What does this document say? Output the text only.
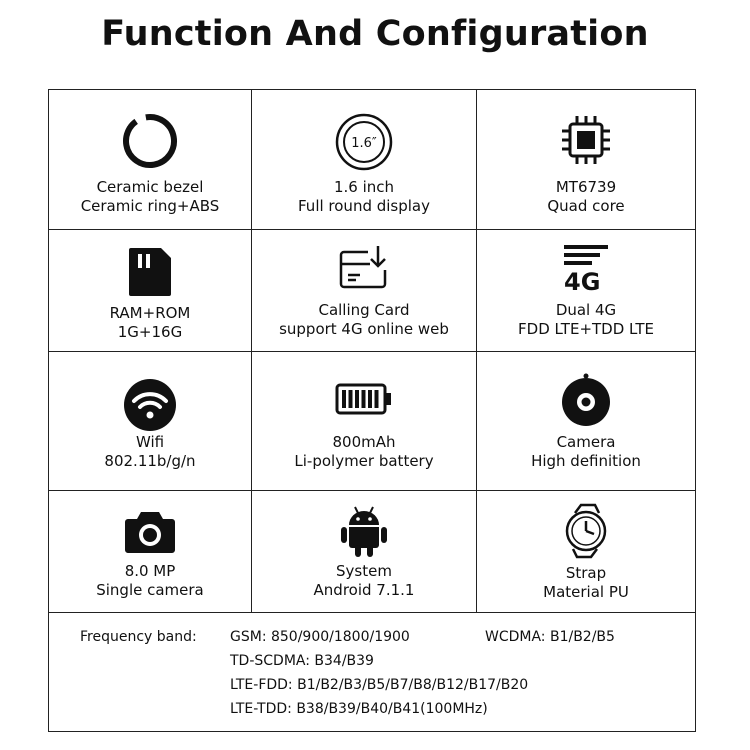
Function And Configuration
Ceramic bezel
Ceramic ring+ABS
1.6″
1.6 inch
Full round display
MT6739
Quad core
RAM+ROM
1G+16G
Calling Card
support 4G online web
4G
Dual 4G
FDD LTE+TDD LTE
Wifi
802.11b/g/n
800mAh
Li-polymer battery
Camera
High definition
8.0 MP
Single camera
System
Android 7.1.1
Strap
Material PU
Frequency band: GSM: 850/900/1800/1900	WCDMA: B1/B2/B5
TD-SCDMA: B34/B39
LTE-FDD: B1/B2/B3/B5/B7/B8/B12/B17/B20
LTE-TDD: B38/B39/B40/B41(100MHz)
